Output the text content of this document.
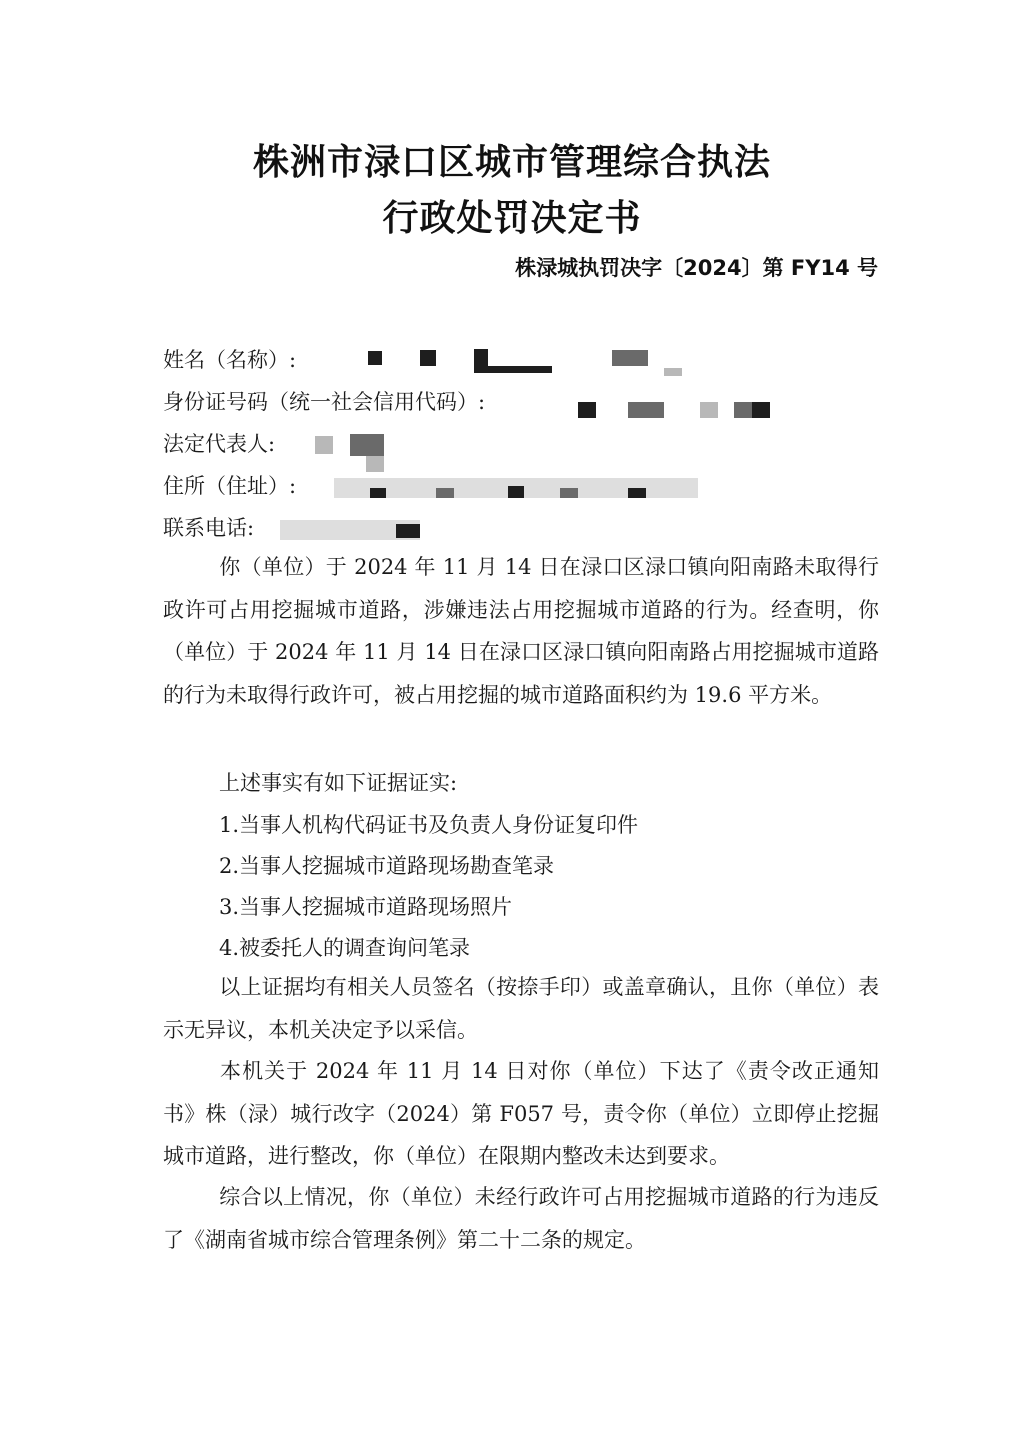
株洲市渌口区城市管理综合执法
行政处罚决定书
株渌城执罚决字〔2024〕第 FY14 号
姓名（名称）:
身份证号码（统一社会信用代码）:
法定代表人:
住所（住址）:
联系电话:
你（单位）于 2024 年 11 月 14 日在渌口区渌口镇向阳南路未取得行政许可占用挖掘城市道路，涉嫌违法占用挖掘城市道路的行为。经查明，你（单位）于 2024 年 11 月 14 日在渌口区渌口镇向阳南路占用挖掘城市道路的行为未取得行政许可，被占用挖掘的城市道路面积约为 19.6 平方米。
上述事实有如下证据证实:
1.当事人机构代码证书及负责人身份证复印件
2.当事人挖掘城市道路现场勘查笔录
3.当事人挖掘城市道路现场照片
4.被委托人的调查询问笔录
以上证据均有相关人员签名（按捺手印）或盖章确认，且你（单位）表示无异议，本机关决定予以采信。
本机关于 2024 年 11 月 14 日对你（单位）下达了《责令改正通知书》株（渌）城行改字（2024）第 F057 号，责令你（单位）立即停止挖掘城市道路，进行整改，你（单位）在限期内整改未达到要求。
综合以上情况，你（单位）未经行政许可占用挖掘城市道路的行为违反了《湖南省城市综合管理条例》第二十二条的规定。
